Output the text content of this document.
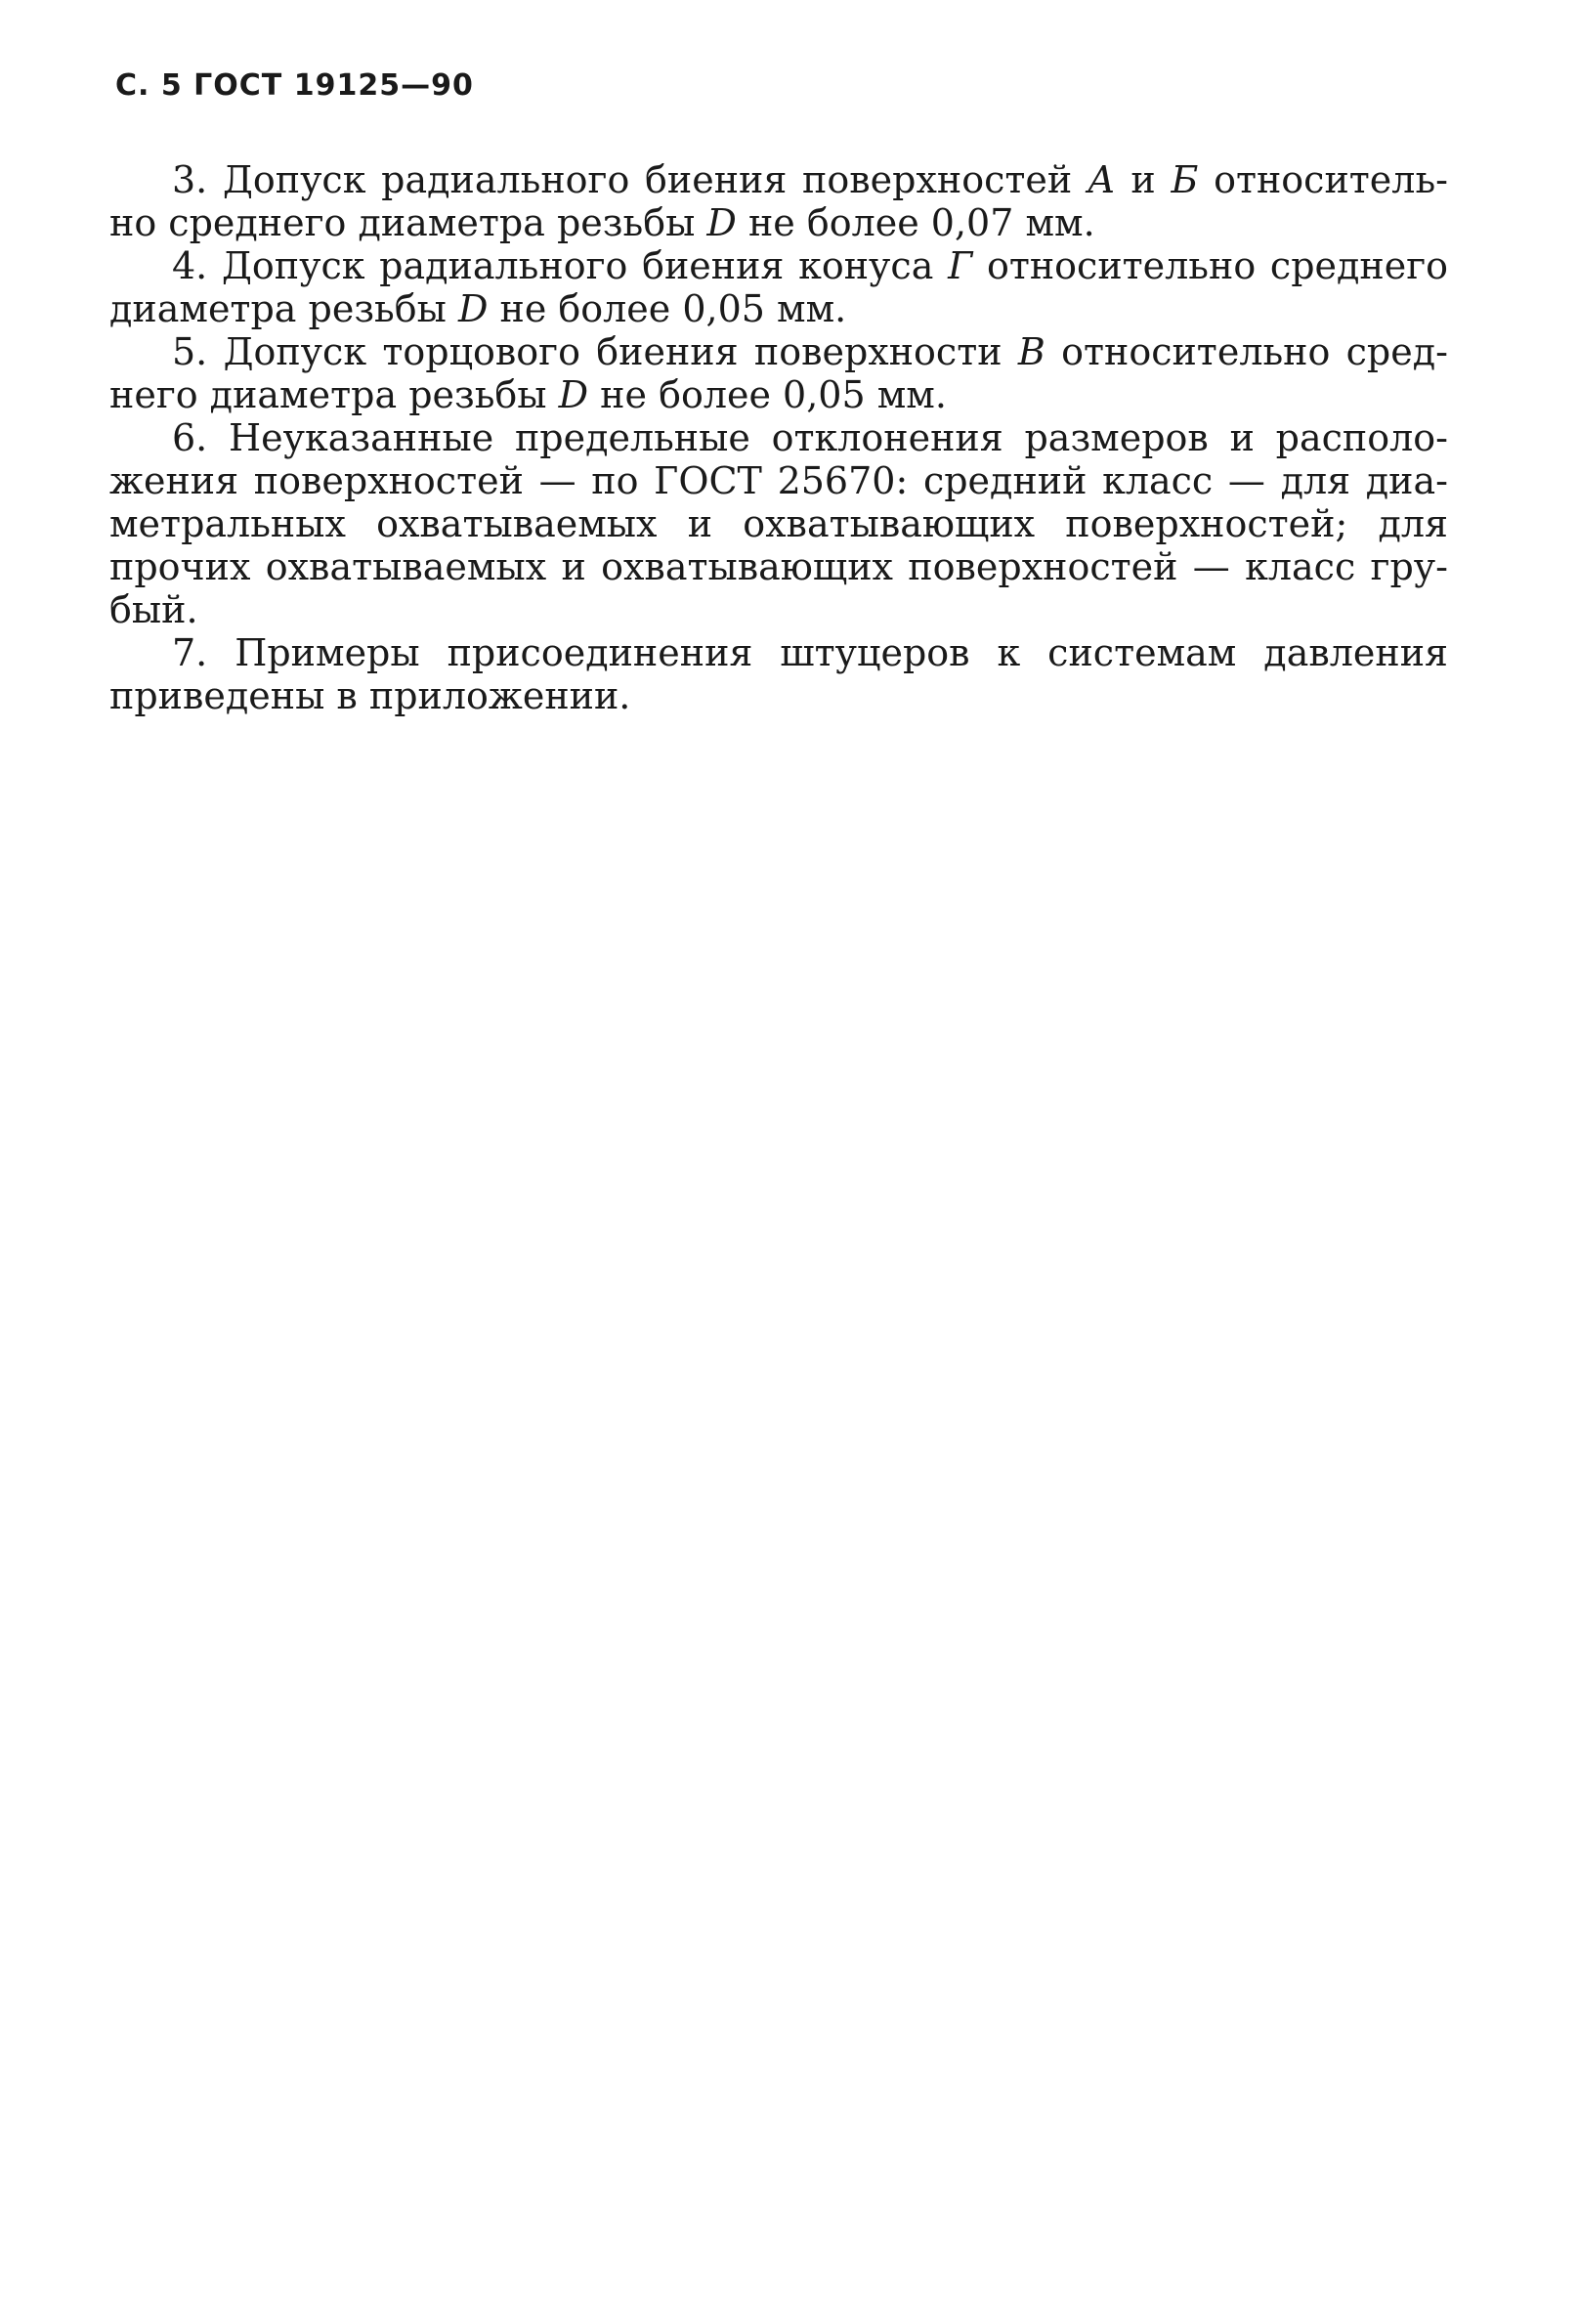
С. 5 ГОСТ 19125—90

3. Допуск радиального биения поверхностей А и Б относительно среднего диаметра резьбы D не более 0,07 мм.

4. Допуск радиального биения конуса Г относительно среднего диаметра резьбы D не более 0,05 мм.

5. Допуск торцового биения поверхности В относительно среднего диаметра резьбы D не более 0,05 мм.

6. Неуказанные предельные отклонения размеров и расположения поверхностей — по ГОСТ 25670: средний класс — для диаметральных охватываемых и охватывающих поверхностей; для прочих охватываемых и охватывающих поверхностей — класс грубый.

7. Примеры присоединения штуцеров к системам давления приведены в приложении.
